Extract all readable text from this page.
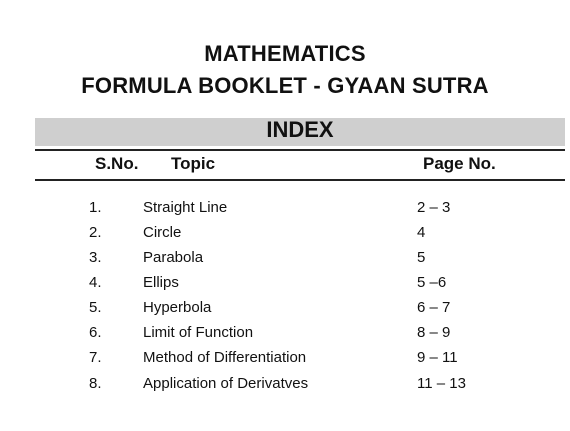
MATHEMATICS
FORMULA BOOKLET - GYAAN SUTRA
INDEX
S.No. Topic	Page No.
1.	Straight Line	2 – 3
2.	Circle	4
3.	Parabola	5
4.	Ellips	5 –6
5.	Hyperbola	6 – 7
6.	Limit of Function	8 – 9
7.	Method of Differentiation	9 – 11
8.	Application of Derivatves	11 – 13
